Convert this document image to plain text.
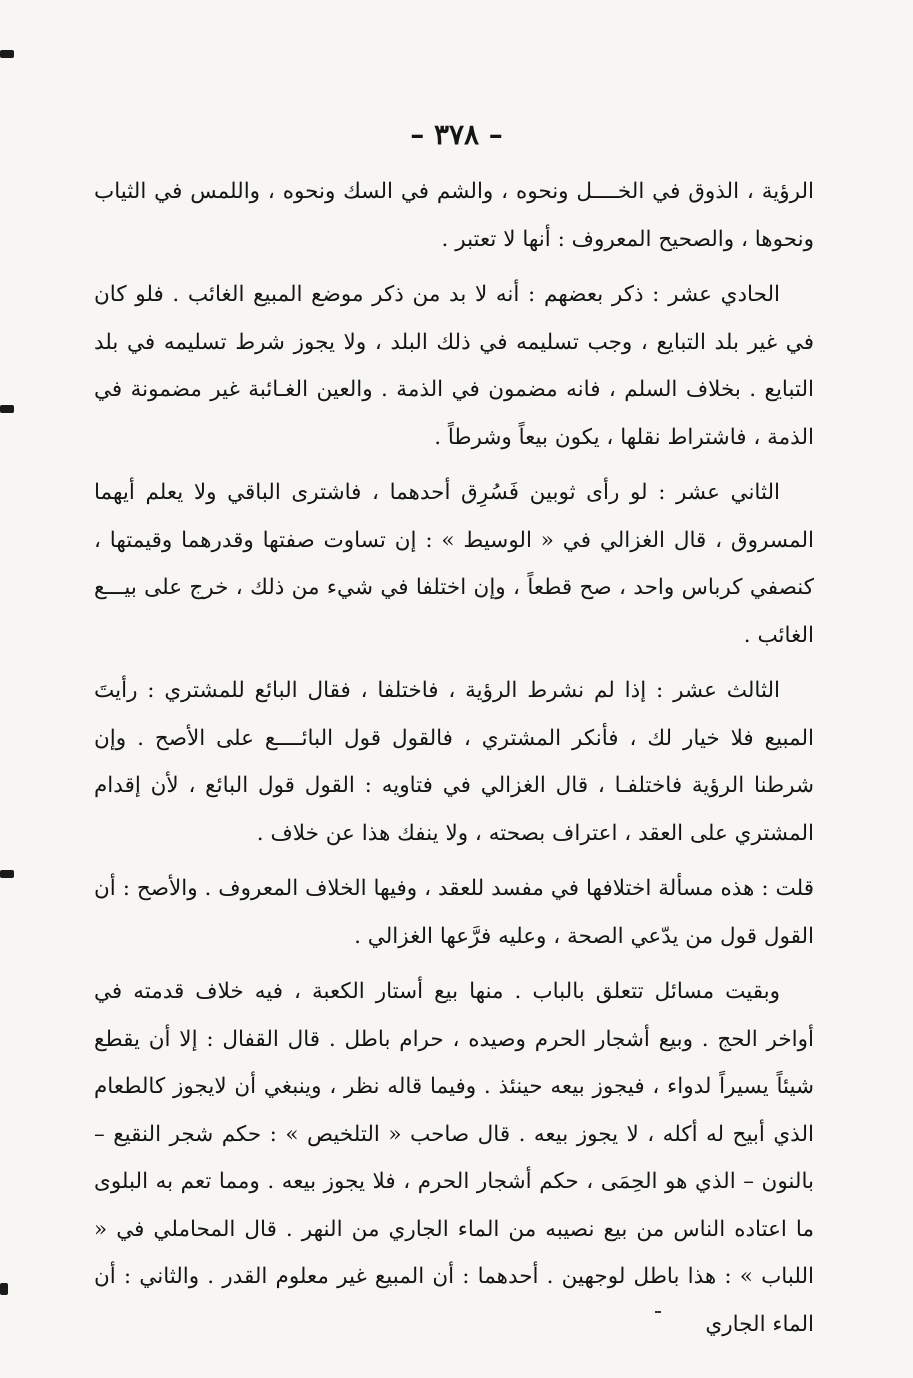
– ٣٧٨ –

الرؤية ، الذوق في الخــــل ونحوه ، والشم في السك ونحوه ، واللمس في الثياب ونحوها ، والصحيح المعروف : أنها لا تعتبر .

الحادي عشر : ذكر بعضهم : أنه لا بد من ذكر موضع المبيع الغائب . فلو كان في غير بلد التبايع ، وجب تسليمه في ذلك البلد ، ولا يجوز شرط تسليمه في بلد التبايع . بخلاف السلم ، فانه مضمون في الذمة . والعين الغـائبة غير مضمونة في الذمة ، فاشتراط نقلها ، يكون بيعاً وشرطاً .

الثاني عشر : لو رأى ثوبين فَسُرِق أحدهما ، فاشترى الباقي ولا يعلم أيهما المسروق ، قال الغزالي في « الوسيط » : إن تساوت صفتها وقدرهما وقيمتها ، كنصفي كرباس واحد ، صح قطعاً ، وإن اختلفا في شيء من ذلك ، خرج على بيـــع الغائب .

الثالث عشر : إذا لم نشرط الرؤية ، فاختلفا ، فقال البائع للمشتري : رأيتَ المبيع فلا خيار لك ، فأنكر المشتري ، فالقول قول البائــــع على الأصح . وإن شرطنا الرؤية فاختلفـا ، قال الغزالي في فتاويه : القول قول البائع ، لأن إقدام المشتري على العقد ، اعتراف بصحته ، ولا ينفك هذا عن خلاف .

قلت : هذه مسألة اختلافها في مفسد للعقد ، وفيها الخلاف المعروف . والأصح : أن القول قول من يدّعي الصحة ، وعليه فرَّعها الغزالي .

وبقيت مسائل تتعلق بالباب . منها بيع أستار الكعبة ، فيه خلاف قدمته في أواخر الحج . وبيع أشجار الحرم وصيده ، حرام باطل . قال القفال : إلا أن يقطع شيئاً يسيراً لدواء ، فيجوز بيعه حينئذ . وفيما قاله نظر ، وينبغي أن لايجوز كالطعام الذي أبيح له أكله ، لا يجوز بيعه . قال صاحب « التلخيص » : حكم شجر النقيع – بالنون – الذي هو الحِمَى ، حكم أشجار الحرم ، فلا يجوز بيعه . ومما تعم به البلوى ما اعتاده الناس من بيع نصيبه من الماء الجاري من النهر . قال المحاملي في « اللباب » : هذا باطل لوجهين . أحدهما : أن المبيع غير معلوم القدر . والثاني : أن الماء الجاري
